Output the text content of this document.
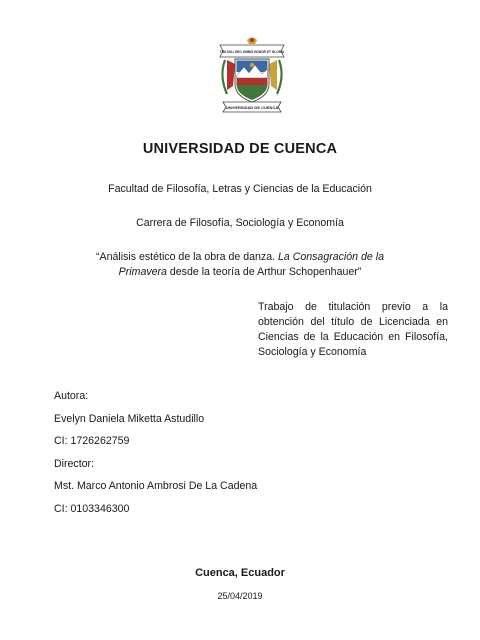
TIBI SOLI DEO OMNIS HONOR ET GLORIA
UNIVERSIDAD DE CUENCA
UNIVERSIDAD DE CUENCA
Facultad de Filosofía, Letras y Ciencias de la Educación
Carrera de Filosofía, Sociología y Economía
“Análisis estético de la obra de danza. La Consagración de la Primavera desde la teoría de Arthur Schopenhauer”
Trabajo de titulación previo a la obtención del título de Licenciada en Ciencias de la Educación en Filosofía, Sociología y Economía
Autora:
Evelyn Daniela Miketta Astudillo
CI: 1726262759
Director:
Mst. Marco Antonio Ambrosi De La Cadena
CI: 0103346300
Cuenca, Ecuador
25/04/2019
